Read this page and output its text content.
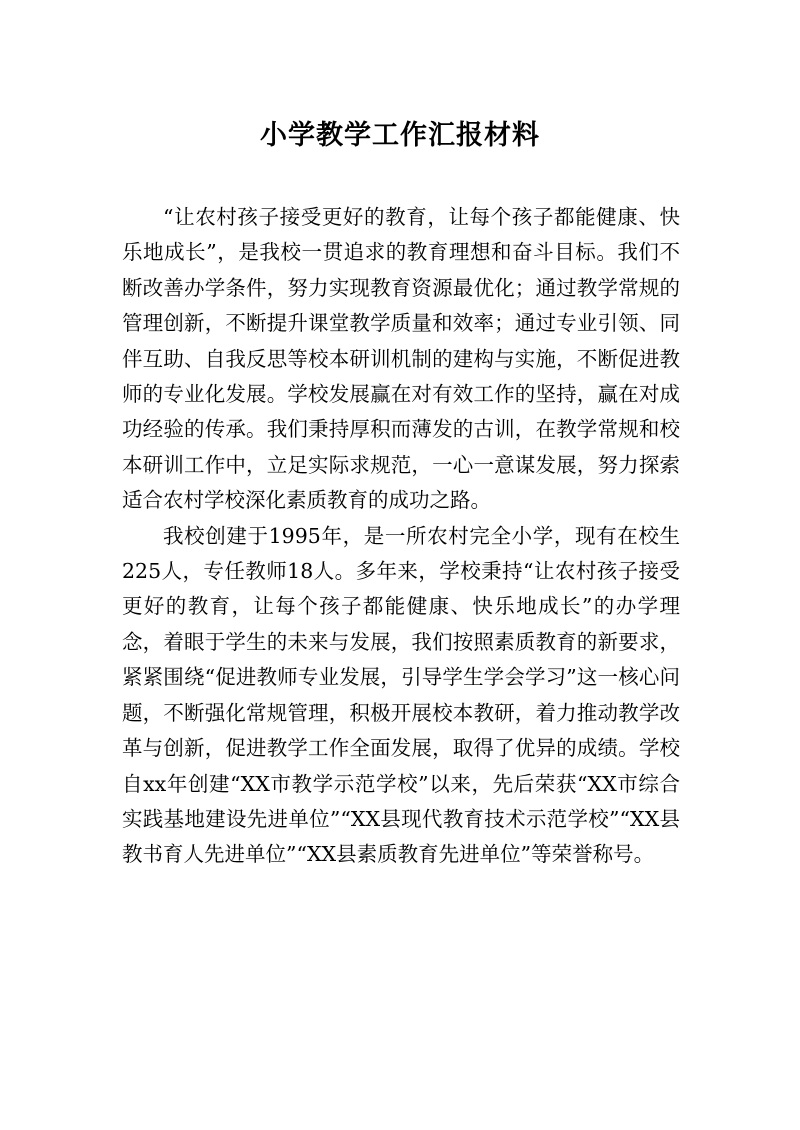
小学教学工作汇报材料

“让农村孩子接受更好的教育，让每个孩子都能健康、快乐地成长”，是我校一贯追求的教育理想和奋斗目标。我们不断改善办学条件，努力实现教育资源最优化；通过教学常规的管理创新，不断提升课堂教学质量和效率；通过专业引领、同伴互助、自我反思等校本研训机制的建构与实施，不断促进教师的专业化发展。学校发展赢在对有效工作的坚持，赢在对成功经验的传承。我们秉持厚积而薄发的古训，在教学常规和校本研训工作中，立足实际求规范，一心一意谋发展，努力探索适合农村学校深化素质教育的成功之路。

我校创建于1995年，是一所农村完全小学，现有在校生225人，专任教师18人。多年来，学校秉持“让农村孩子接受更好的教育，让每个孩子都能健康、快乐地成长”的办学理念，着眼于学生的未来与发展，我们按照素质教育的新要求，紧紧围绕“促进教师专业发展，引导学生学会学习”这一核心问题，不断强化常规管理，积极开展校本教研，着力推动教学改革与创新，促进教学工作全面发展，取得了优异的成绩。学校自xx年创建“XX市教学示范学校”以来，先后荣获“XX市综合实践基地建设先进单位”“XX县现代教育技术示范学校”“XX县教书育人先进单位”“XX县素质教育先进单位”等荣誉称号。
